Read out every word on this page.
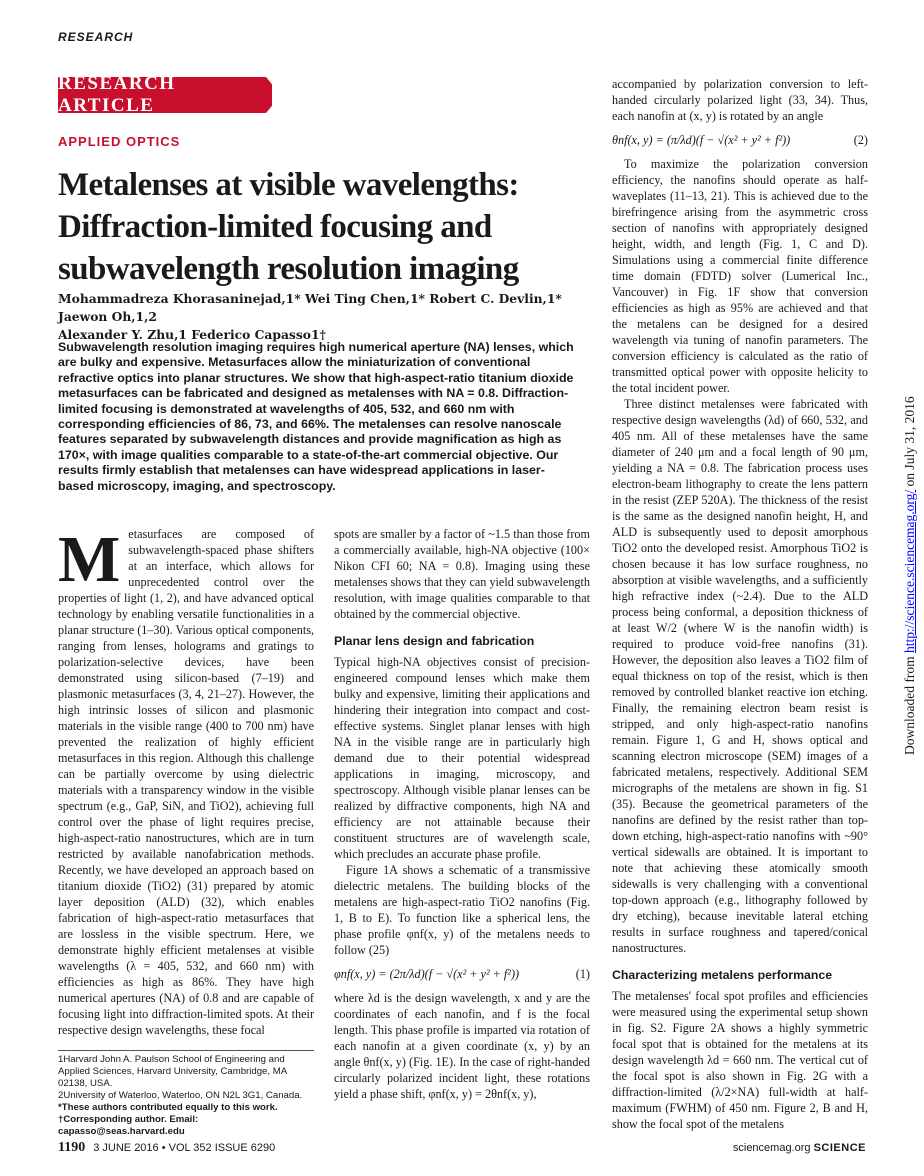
RESEARCH
RESEARCH ARTICLE
APPLIED OPTICS
Metalenses at visible wavelengths: Diffraction-limited focusing and subwavelength resolution imaging
Mohammadreza Khorasaninejad,1* Wei Ting Chen,1* Robert C. Devlin,1* Jaewon Oh,1,2
Alexander Y. Zhu,1 Federico Capasso1†
Subwavelength resolution imaging requires high numerical aperture (NA) lenses, which are bulky and expensive. Metasurfaces allow the miniaturization of conventional refractive optics into planar structures. We show that high-aspect-ratio titanium dioxide metasurfaces can be fabricated and designed as metalenses with NA = 0.8. Diffraction-limited focusing is demonstrated at wavelengths of 405, 532, and 660 nm with corresponding efficiencies of 86, 73, and 66%. The metalenses can resolve nanoscale features separated by subwavelength distances and provide magnification as high as 170×, with image qualities comparable to a state-of-the-art commercial objective. Our results firmly establish that metalenses can have widespread applications in laser-based microscopy, imaging, and spectroscopy.
M etasurfaces are composed of subwavelength-spaced phase shifters at an interface, which allows for unprecedented control over the properties of light (1, 2), and have advanced optical technology by enabling versatile functionalities in a planar structure (1–30). Various optical components, ranging from lenses, holograms and gratings to polarization-selective devices, have been demonstrated using silicon-based (7–19) and plasmonic metasurfaces (3, 4, 21–27). However, the high intrinsic losses of silicon and plasmonic materials in the visible range (400 to 700 nm) have prevented the realization of highly efficient metasurfaces in this region. Although this challenge can be partially overcome by using dielectric materials with a transparency window in the visible spectrum (e.g., GaP, SiN, and TiO2), achieving full control over the phase of light requires precise, high-aspect-ratio nanostructures, which are in turn restricted by available nanofabrication methods. Recently, we have developed an approach based on titanium dioxide (TiO2) (31) prepared by atomic layer deposition (ALD) (32), which enables fabrication of high-aspect-ratio metasurfaces that are lossless in the visible spectrum. Here, we demonstrate highly efficient metalenses at visible wavelengths (λ = 405, 532, and 660 nm) with efficiencies as high as 86%. They have high numerical apertures (NA) of 0.8 and are capable of focusing light into diffraction-limited spots. At their respective design wavelengths, these focal

1Harvard John A. Paulson School of Engineering and Applied Sciences, Harvard University, Cambridge, MA 02138, USA.
2University of Waterloo, Waterloo, ON N2L 3G1, Canada.
*These authors contributed equally to this work. †Corresponding author. Email: capasso@seas.harvard.edu

spots are smaller by a factor of ~1.5 than those from a commercially available, high-NA objective (100× Nikon CFI 60; NA = 0.8). Imaging using these metalenses shows that they can yield subwavelength resolution, with image qualities comparable to that obtained by the commercial objective.

Planar lens design and fabrication

Typical high-NA objectives consist of precision-engineered compound lenses which make them bulky and expensive, limiting their applications and hindering their integration into compact and cost-effective systems. Singlet planar lenses with high NA in the visible range are in particularly high demand due to their potential widespread applications in imaging, microscopy, and spectroscopy. Although visible planar lenses can be realized by diffractive components, high NA and efficiency are not attainable because their constituent structures are of wavelength scale, which precludes an accurate phase profile.

Figure 1A shows a schematic of a transmissive dielectric metalens. The building blocks of the metalens are high-aspect-ratio TiO2 nanofins (Fig. 1, B to E). To function like a spherical lens, the phase profile φnf(x, y) of the metalens needs to follow (25)

φnf(x, y) = (2π/λd)(f − √(x² + y² + f²))	(1)

where λd is the design wavelength, x and y are the coordinates of each nanofin, and f is the focal length. This phase profile is imparted via rotation of each nanofin at a given coordinate (x, y) by an angle θnf(x, y) (Fig. 1E). In the case of right-handed circularly polarized incident light, these rotations yield a phase shift, φnf(x, y) = 2θnf(x, y),

accompanied by polarization conversion to left-handed circularly polarized light (33, 34). Thus, each nanofin at (x, y) is rotated by an angle

θnf(x, y) = (π/λd)(f − √(x² + y² + f²))	(2)

To maximize the polarization conversion efficiency, the nanofins should operate as half-waveplates (11–13, 21). This is achieved due to the birefringence arising from the asymmetric cross section of nanofins with appropriately designed height, width, and length (Fig. 1, C and D). Simulations using a commercial finite difference time domain (FDTD) solver (Lumerical Inc., Vancouver) in Fig. 1F show that conversion efficiencies as high as 95% are achieved and that the metalens can be designed for a desired wavelength via tuning of nanofin parameters. The conversion efficiency is calculated as the ratio of transmitted optical power with opposite helicity to the total incident power.

Three distinct metalenses were fabricated with respective design wavelengths (λd) of 660, 532, and 405 nm. All of these metalenses have the same diameter of 240 μm and a focal length of 90 μm, yielding a NA = 0.8. The fabrication process uses electron-beam lithography to create the lens pattern in the resist (ZEP 520A). The thickness of the resist is the same as the designed nanofin height, H, and ALD is subsequently used to deposit amorphous TiO2 onto the developed resist. Amorphous TiO2 is chosen because it has low surface roughness, no absorption at visible wavelengths, and a sufficiently high refractive index (~2.4). Due to the ALD process being conformal, a deposition thickness of at least W/2 (where W is the nanofin width) is required to produce void-free nanofins (31). However, the deposition also leaves a TiO2 film of equal thickness on top of the resist, which is then removed by controlled blanket reactive ion etching. Finally, the remaining electron beam resist is stripped, and only high-aspect-ratio nanofins remain. Figure 1, G and H, shows optical and scanning electron microscope (SEM) images of a fabricated metalens, respectively. Additional SEM micrographs of the metalens are shown in fig. S1 (35). Because the geometrical parameters of the nanofins are defined by the resist rather than top-down etching, high-aspect-ratio nanofins with ~90° vertical sidewalls are obtained. It is important to note that achieving these atomically smooth sidewalls is very challenging with a conventional top-down approach (e.g., lithography followed by dry etching), because inevitable lateral etching results in surface roughness and tapered/conical nanostructures.

Characterizing metalens performance

The metalenses' focal spot profiles and efficiencies were measured using the experimental setup shown in fig. S2. Figure 2A shows a highly symmetric focal spot that is obtained for the metalens at its design wavelength λd = 660 nm. The vertical cut of the focal spot is also shown in Fig. 2G with a diffraction-limited (λ/2×NA) full-width at half-maximum (FWHM) of 450 nm. Figure 2, B and H, show the focal spot of the metalens

1190 3 JUNE 2016 • VOL 352 ISSUE 6290	sciencemag.org SCIENCE
Downloaded from http://science.sciencemag.org/ on July 31, 2016
